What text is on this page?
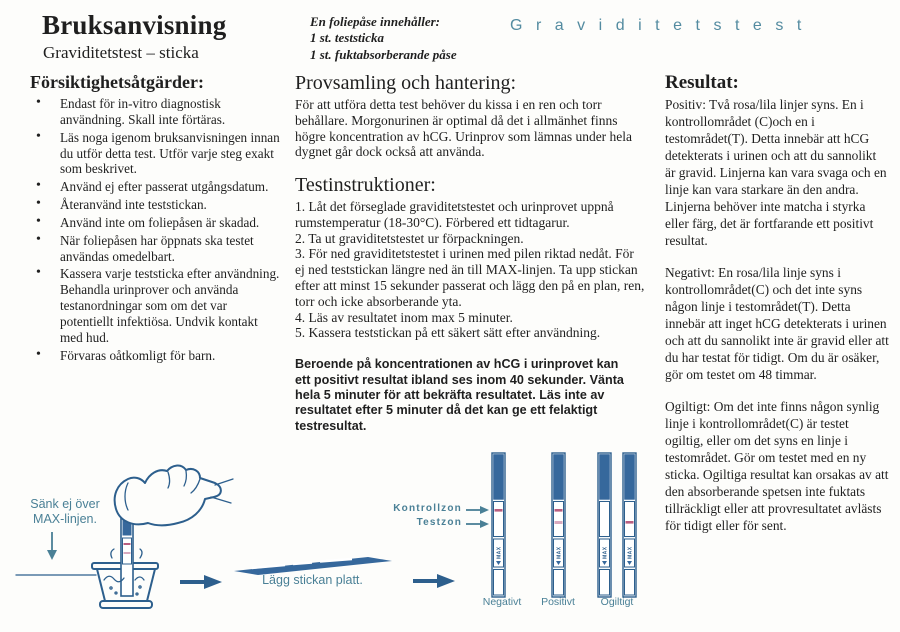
Bruksanvisning
Graviditetstest – sticka
Försiktighetsåtgärder:
• Endast för in-vitro diagnostisk användning. Skall inte förtäras.
• Läs noga igenom bruksanvisningen innan du utför detta test. Utför varje steg exakt som beskrivet.
• Använd ej efter passerat utgångsdatum.
• Återanvänd inte teststickan.
• Använd inte om foliepåsen är skadad.
• När foliepåsen har öppnats ska testet användas omedelbart.
• Kassera varje teststicka efter användning. Behandla urinprover och använda testanordningar som om det var potentiellt infektiösa. Undvik kontakt med hud.
• Förvaras oåtkomligt för barn.
En foliepåse innehåller:
1 st. teststicka
1 st. fuktabsorberande påse
Graviditetstest
Provsamling och hantering:

För att utföra detta test behöver du kissa i en ren och torr behållare. Morgonurinen är optimal då det i allmänhet finns högre koncentration av hCG. Urinprov som lämnas under hela dygnet går dock också att använda.

Testinstruktioner:

1. Låt det förseglade graviditetstestet och urinprovet uppnå rumstemperatur (18-30°C). Förbered ett tidtagarur.

2. Ta ut graviditetstestet ur förpackningen.

3. För ned graviditetstestet i urinen med pilen riktad nedåt. För ej ned teststickan längre ned än till MAX-linjen. Ta upp stickan efter att minst 15 sekunder passerat och lägg den på en plan, ren, torr och icke absorberande yta.

4. Läs av resultatet inom max 5 minuter.

5. Kassera teststickan på ett säkert sätt efter användning.

Beroende på koncentrationen av hCG i urinprovet kan ett positivt resultat ibland ses inom 40 sekunder. Vänta hela 5 minuter för att bekräfta resultatet. Läs inte av resultatet efter 5 minuter då det kan ge ett felaktigt testresultat.

Resultat:

Positiv: Två rosa/lila linjer syns. En i kontrollområdet (C)och en i testområdet(T). Detta innebär att hCG detekterats i urinen och att du sannolikt är gravid. Linjerna kan vara svaga och en linje kan vara starkare än den andra. Linjerna behöver inte matcha i styrka eller färg, det är fortfarande ett positivt resultat.

Negativt: En rosa/lila linje syns i kontrollområdet(C) och det inte syns någon linje i testområdet(T). Detta innebär att inget hCG detekterats i urinen och att du sannolikt inte är gravid eller att du har testat för tidigt. Om du är osäker, gör om testet om 48 timmar.

Ogiltigt: Om det inte finns någon synlig linje i kontrollområdet(C) är testet ogiltig, eller om det syns en linje i testområdet. Gör om testet med en ny sticka. Ogiltiga resultat kan orsakas av att den absorberande spetsen inte fuktats tillräckligt eller att provresultatet avlästs för tidigt eller för sent.

MAX	MAX	MAX	MAX
Sänk ej över MAX-linjen.
Lägg stickan platt.
Kontrollzon
Testzon
Negativt	Positivt	Ogiltigt
